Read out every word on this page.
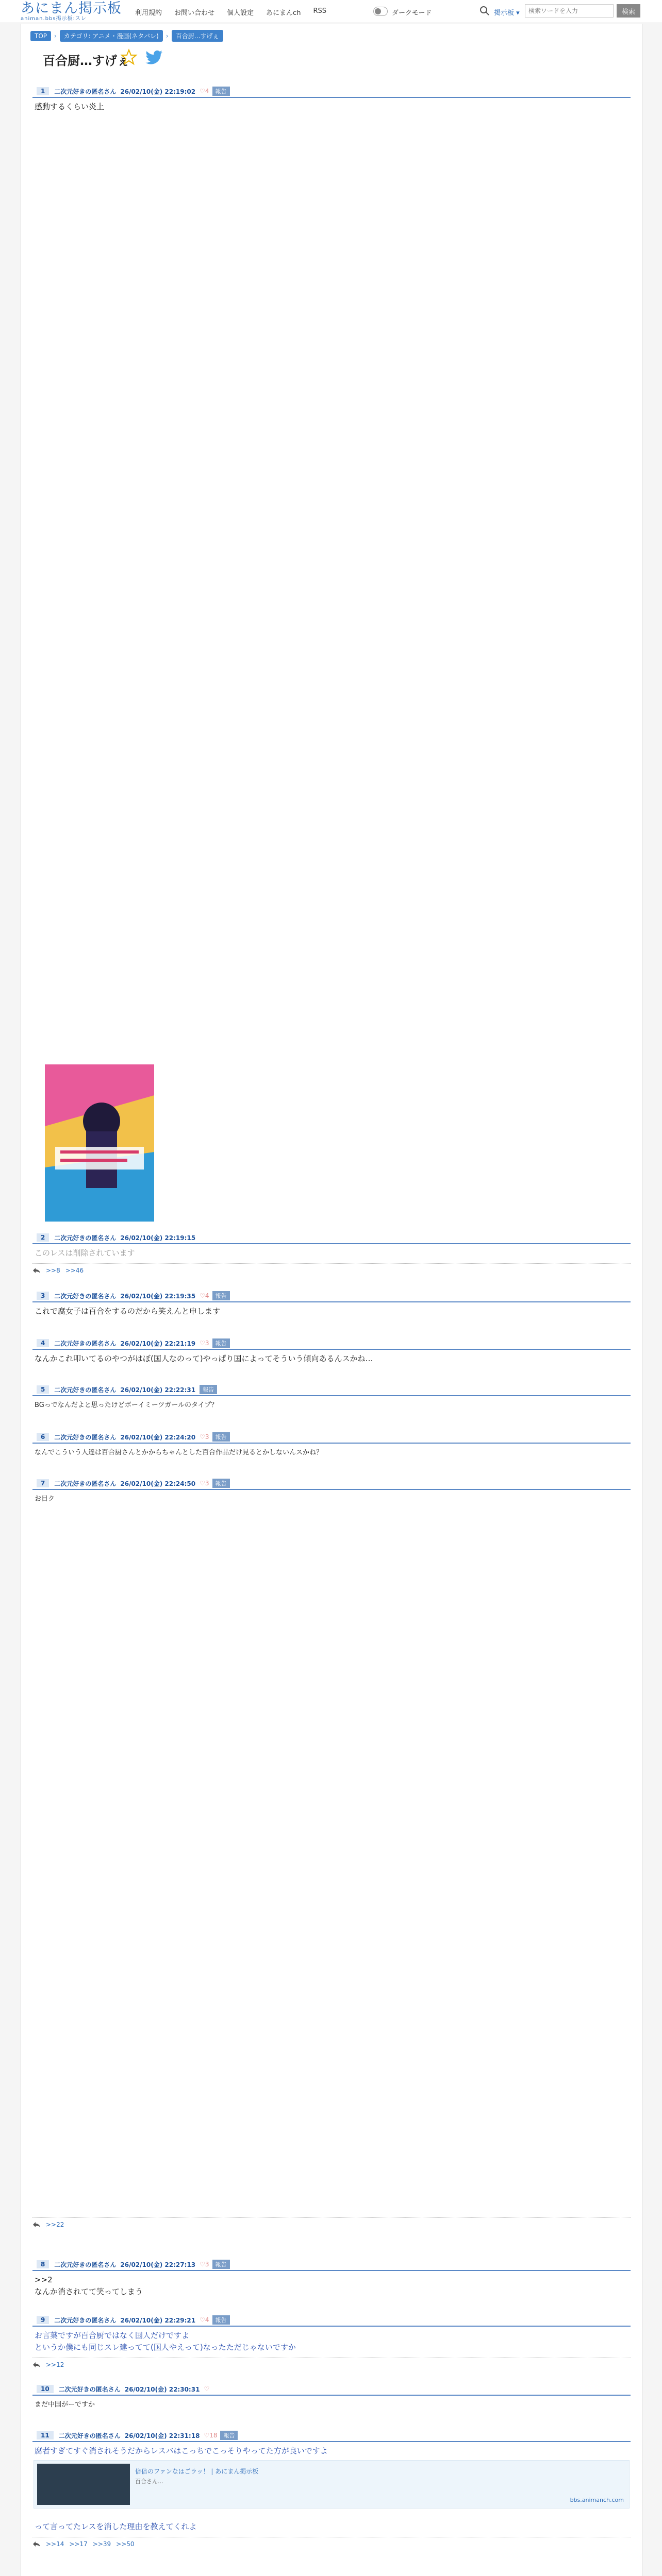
あにまん掲示板
animan.bbs掲示板:スレ
利用規約 お問い合わせ 個人設定 あにまんch RSS	ダークモード	掲示板 ▾
検索ワードを入力	検索
TOP	›	カテゴリ: アニメ・漫画(ネタバレ)	›	百合厨…すげぇ
百合厨…すげぇ
1	二次元好きの匿名さん 26/02/10(金) 22:19:02 ♡4	報告
感動するくらい炎上
2	二次元好きの匿名さん 26/02/10(金) 22:19:15
このレスは削除されています
>>8 >>46
3	二次元好きの匿名さん 26/02/10(金) 22:19:35 ♡4	報告
これで腐女子は百合をするのだから笑えんと申します
4	二次元好きの匿名さん 26/02/10(金) 22:21:19 ♡3	報告
なんかこれ叩いてるのやつがはぼ(国人なのって)やっぱり国によってそういう傾向あるんスかね…
5	二次元好きの匿名さん 26/02/10(金) 22:22:31	報告
BGっでなんだよと思ったけどボーイミーツガールのタイプ？
6	二次元好きの匿名さん 26/02/10(金) 22:24:20 ♡3	報告
なんでこういう人達は百合厨さんとかからちゃんとした百合作品だけ見るとかしないんスかね？
7	二次元好きの匿名さん 26/02/10(金) 22:24:50 ♡3	報告
お目ク
>>22
8	二次元好きの匿名さん 26/02/10(金) 22:27:13 ♡3	報告
>>2
なんか消されてて笑ってしまう
9	二次元好きの匿名さん 26/02/10(金) 22:29:21 ♡4	報告
お言葉ですが百合厨ではなく国人だけですよ
というか僕にも同じスレ建ってて(国人やえって)なったただじゃないですか
>>12
10	二次元好きの匿名さん 26/02/10(金) 22:30:31 ♡
まだ中国がーですか
11	二次元好きの匿名さん 26/02/10(金) 22:31:18 ♡18	報告
腐者すぎてすぐ消されそうだからレスバはこっちでこっそりやってた方が良いですよ
倍倍のファンなはごラッ！ | あにまん掲示板
百合さん…
bbs.animanch.com
って言ってたレスを消した理由を教えてくれよ
>>14 >>17 >>39 >>50
